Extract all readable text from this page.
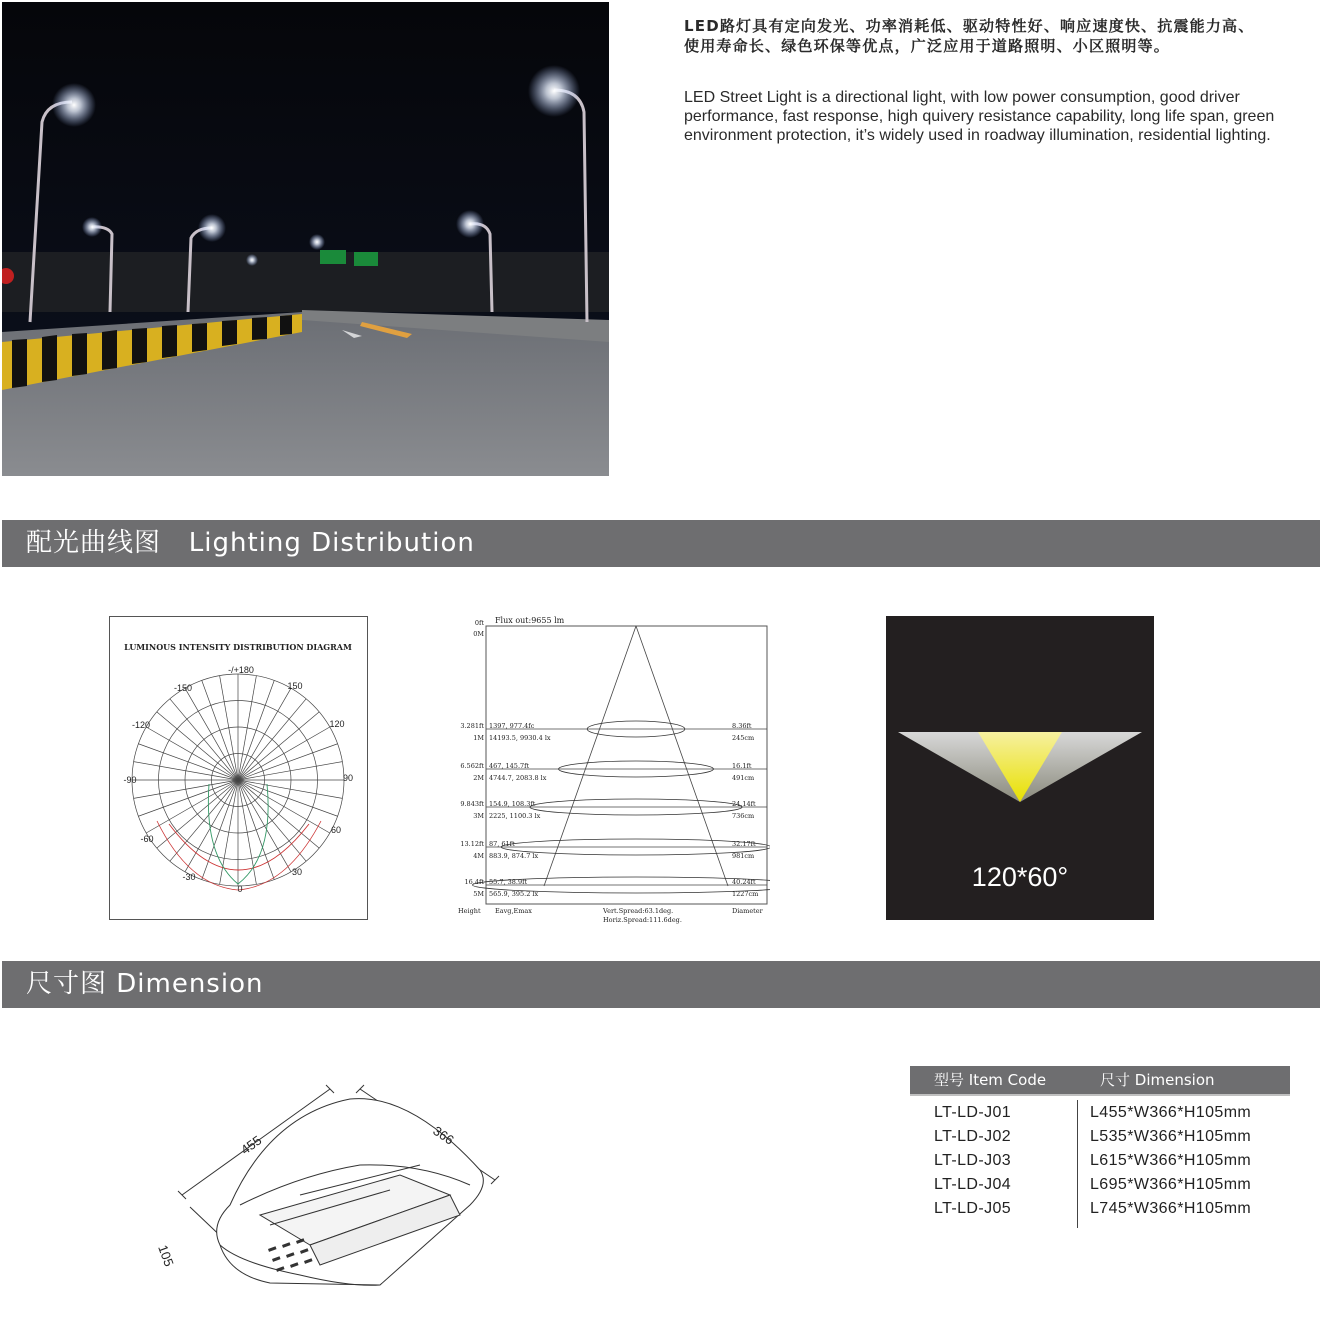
LED路灯具有定向发光、功率消耗低、驱动特性好、响应速度快、抗震能力高、
使用寿命长、绿色环保等优点，广泛应用于道路照明、小区照明等。
LED Street Light is a directional light, with low power consumption, good driver performance, fast response, high quivery resistance capability, long life span, green environment protection, it’s widely used in roadway illumination, residential lighting.
配光曲线图   Lighting Distribution
LUMINOUS INTENSITY DISTRIBUTION DIAGRAM
-/+180
-150
-120
-90
-60
-30
150
120
90
60
30
0
3.281ft 1397, 977.4fc
1M 14193.5, 9930.4 lx
8.36ft
245cm
6.562ft 467, 145.7ft
2M 4744.7, 2083.8 lx
16.1ft
491cm
9.843ft 154.9, 108.3ft
3M 2225, 1100.3 lx
24.14ft
736cm
13.12ft 87, 61ft
4M 883.9, 874.7 lx
32.17ft
981cm
16.4ft 55.7, 38.9ft
5M 565.9, 395.2 lx
40.24ft
1227cm
Flux out:9655 lm
0ft
0M
Height Eavg,Emax	Vert.Spread:63.1deg.
Horiz.Spread:111.6deg.
Diameter
120*60°
尺寸图 Dimension
455	366
105
型号 Item Code	尺寸 Dimension
LT-LD-J01	L455*W366*H105mm
LT-LD-J02	L535*W366*H105mm
LT-LD-J03	L615*W366*H105mm
LT-LD-J04	L695*W366*H105mm
LT-LD-J05	L745*W366*H105mm
